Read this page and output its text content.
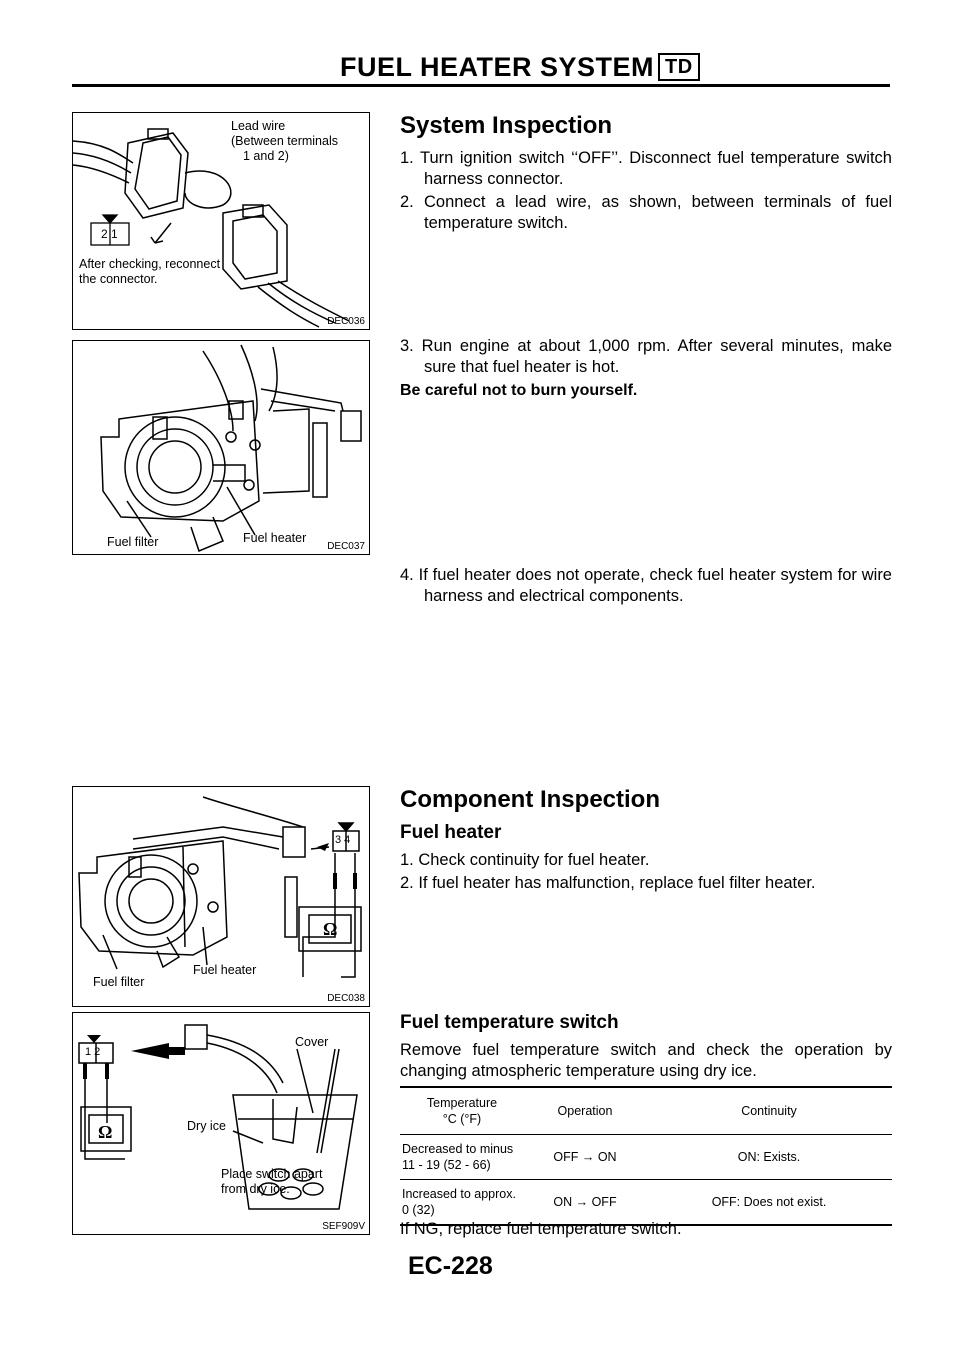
FUEL HEATER SYSTEM TD
2 1
Lead wire
(Between terminals
1 and 2)
After checking, reconnect
the connector.
DEC036
Fuel filter	Fuel heater
DEC037
Ω
3 4
Fuel filter
Fuel heater
DEC038
Ω
1 2
Cover
Dry ice
Place switch apart
from dry ice.
SEF909V
System Inspection

1. Turn ignition switch ‘‘OFF’’. Disconnect fuel temperature switch harness connector.

2. Connect a lead wire, as shown, between terminals of fuel temperature switch.

3. Run engine at about 1,000 rpm. After several minutes, make sure that fuel heater is hot.

Be careful not to burn yourself.

4. If fuel heater does not operate, check fuel heater system for wire harness and electrical components.

Component Inspection
Fuel heater

1. Check continuity for fuel heater.

2. If fuel heater has malfunction, replace fuel filter heater.

Fuel temperature switch

Remove fuel temperature switch and check the operation by changing atmospheric temperature using dry ice.

Temperature
°C (°F)	Operation	Continuity

Decreased to minus
11 - 19 (52 - 66)	OFF → ON	ON: Exists.

Increased to approx.
0 (32)	ON → OFF	OFF: Does not exist.

If NG, replace fuel temperature switch.

EC-228
